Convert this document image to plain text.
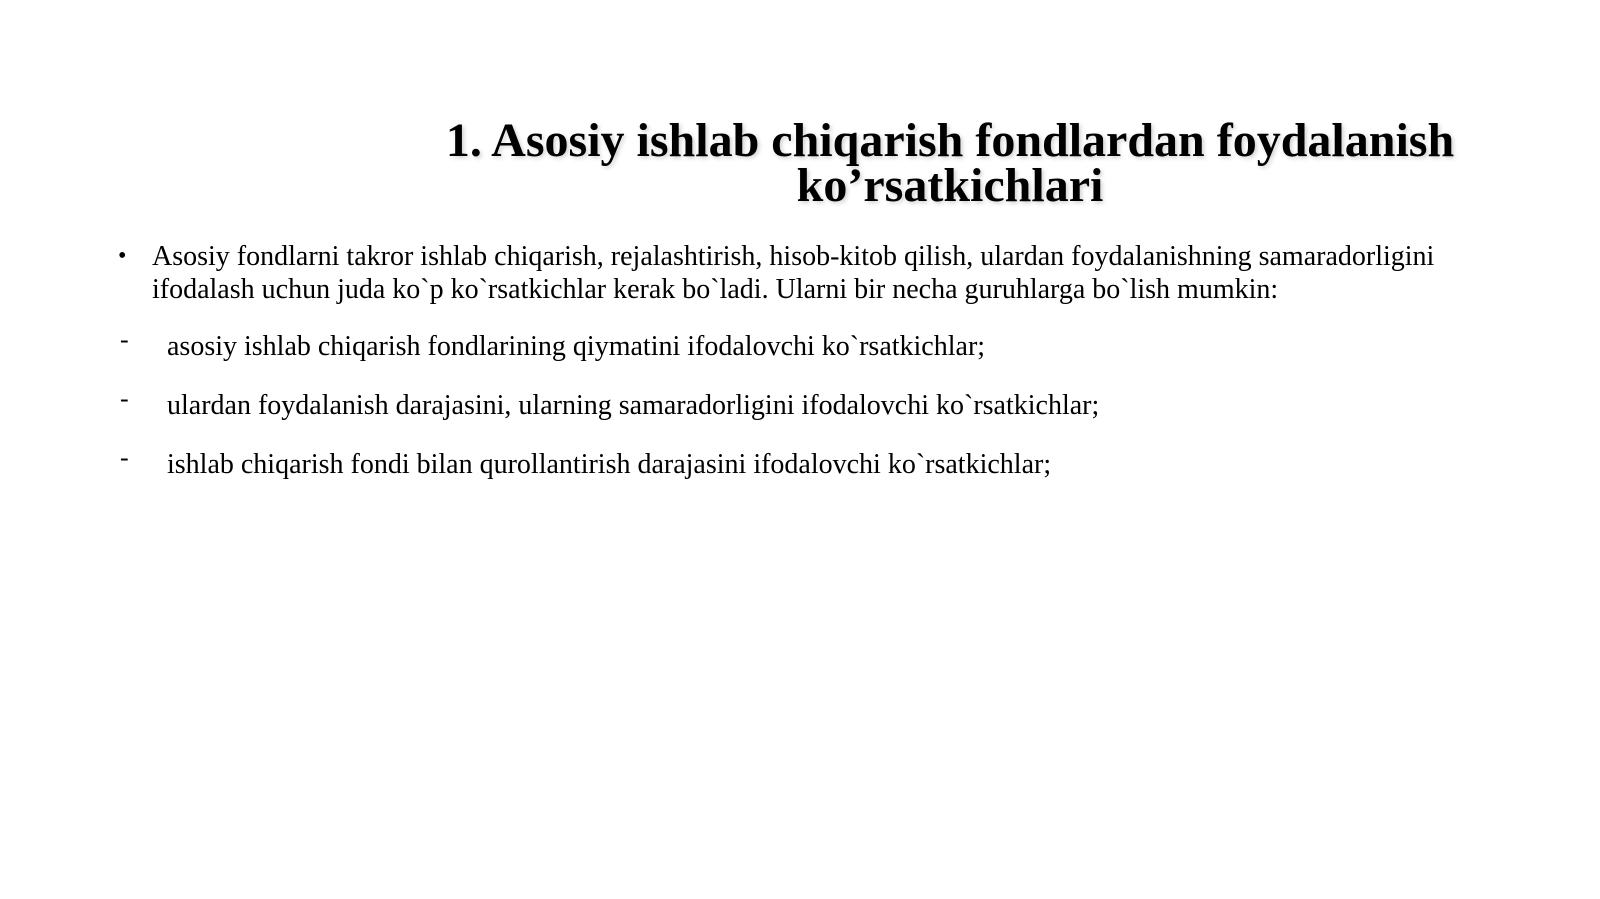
1. Asosiy ishlab chiqarish fondlardan foydalanish
ko’rsatkichlari

• Asosiy fondlarni takror ishlab chiqarish, rejalashtirish, hisob-kitob qilish, ulardan foydalanishning samaradorligini ifodalash uchun juda ko`p ko`rsatkichlar kerak bo`ladi. Ularni bir necha guruhlarga bo`lish mumkin:

- asosiy ishlab chiqarish fondlarining qiymatini ifodalovchi ko`rsatkichlar;

- ulardan foydalanish darajasini, ularning samaradorligini ifodalovchi ko`rsatkichlar;

- ishlab chiqarish fondi bilan qurollantirish darajasini ifodalovchi ko`rsatkichlar;
